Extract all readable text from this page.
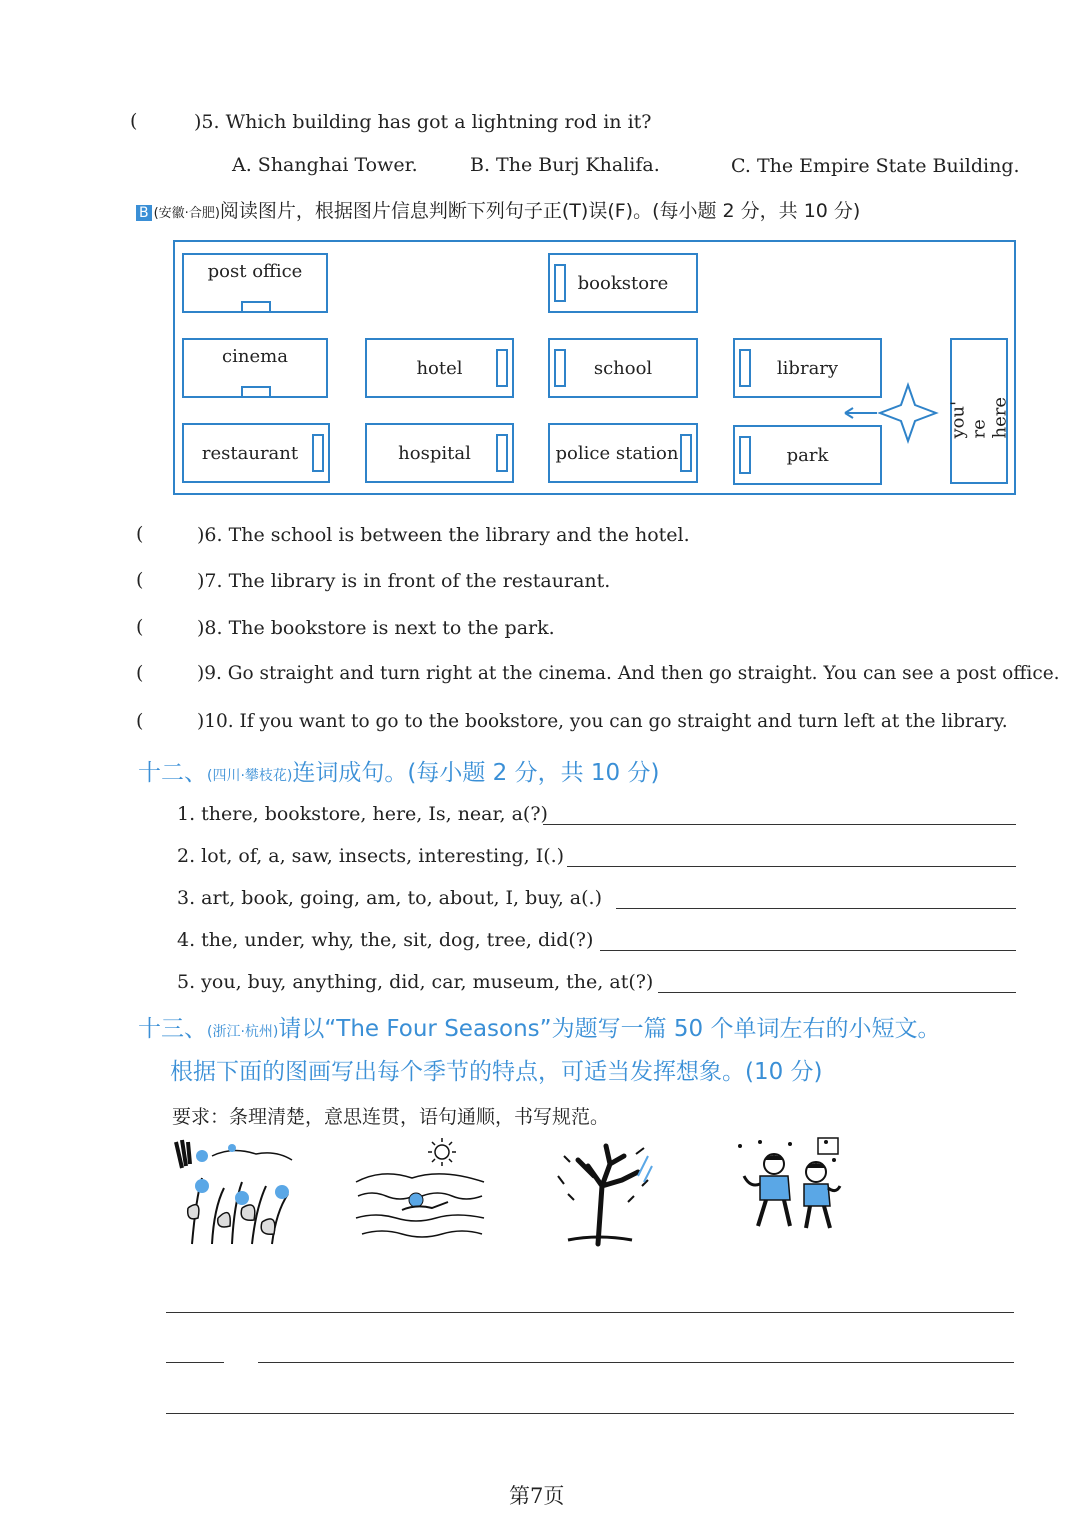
(	)5. Which building has got a lightning rod in it?
A. Shanghai Tower.	B. The Burj Khalifa.	C. The Empire State Building.
B (安徽·合肥)阅读图片，根据图片信息判断下列句子正(T)误(F)。(每小题 2 分，共 10 分)
post office
bookstore
cinema
hotel	school	library
restaurant	hospital	police station	park
you' re here
(	)6. The school is between the library and the hotel.
(	)7. The library is in front of the restaurant.
(	)8. The bookstore is next to the park.
(	)9. Go straight and turn right at the cinema. And then go straight. You can see a post office.
(	)10. If you want to go to the bookstore, you can go straight and turn left at the library.
十二、(四川·攀枝花)连词成句。(每小题 2 分，共 10 分)
1. there, bookstore, here, Is, near, a(?)
2. lot, of, a, saw, insects, interesting, I(.)
3. art, book, going, am, to, about, I, buy, a(.)
4. the, under, why, the, sit, dog, tree, did(?)
5. you, buy, anything, did, car, museum, the, at(?)
十三、(浙江·杭州)请以“The Four Seasons”为题写一篇 50 个单词左右的小短文。
根据下面的图画写出每个季节的特点，可适当发挥想象。(10 分)
要求：条理清楚，意思连贯，语句通顺，书写规范。
第7页
